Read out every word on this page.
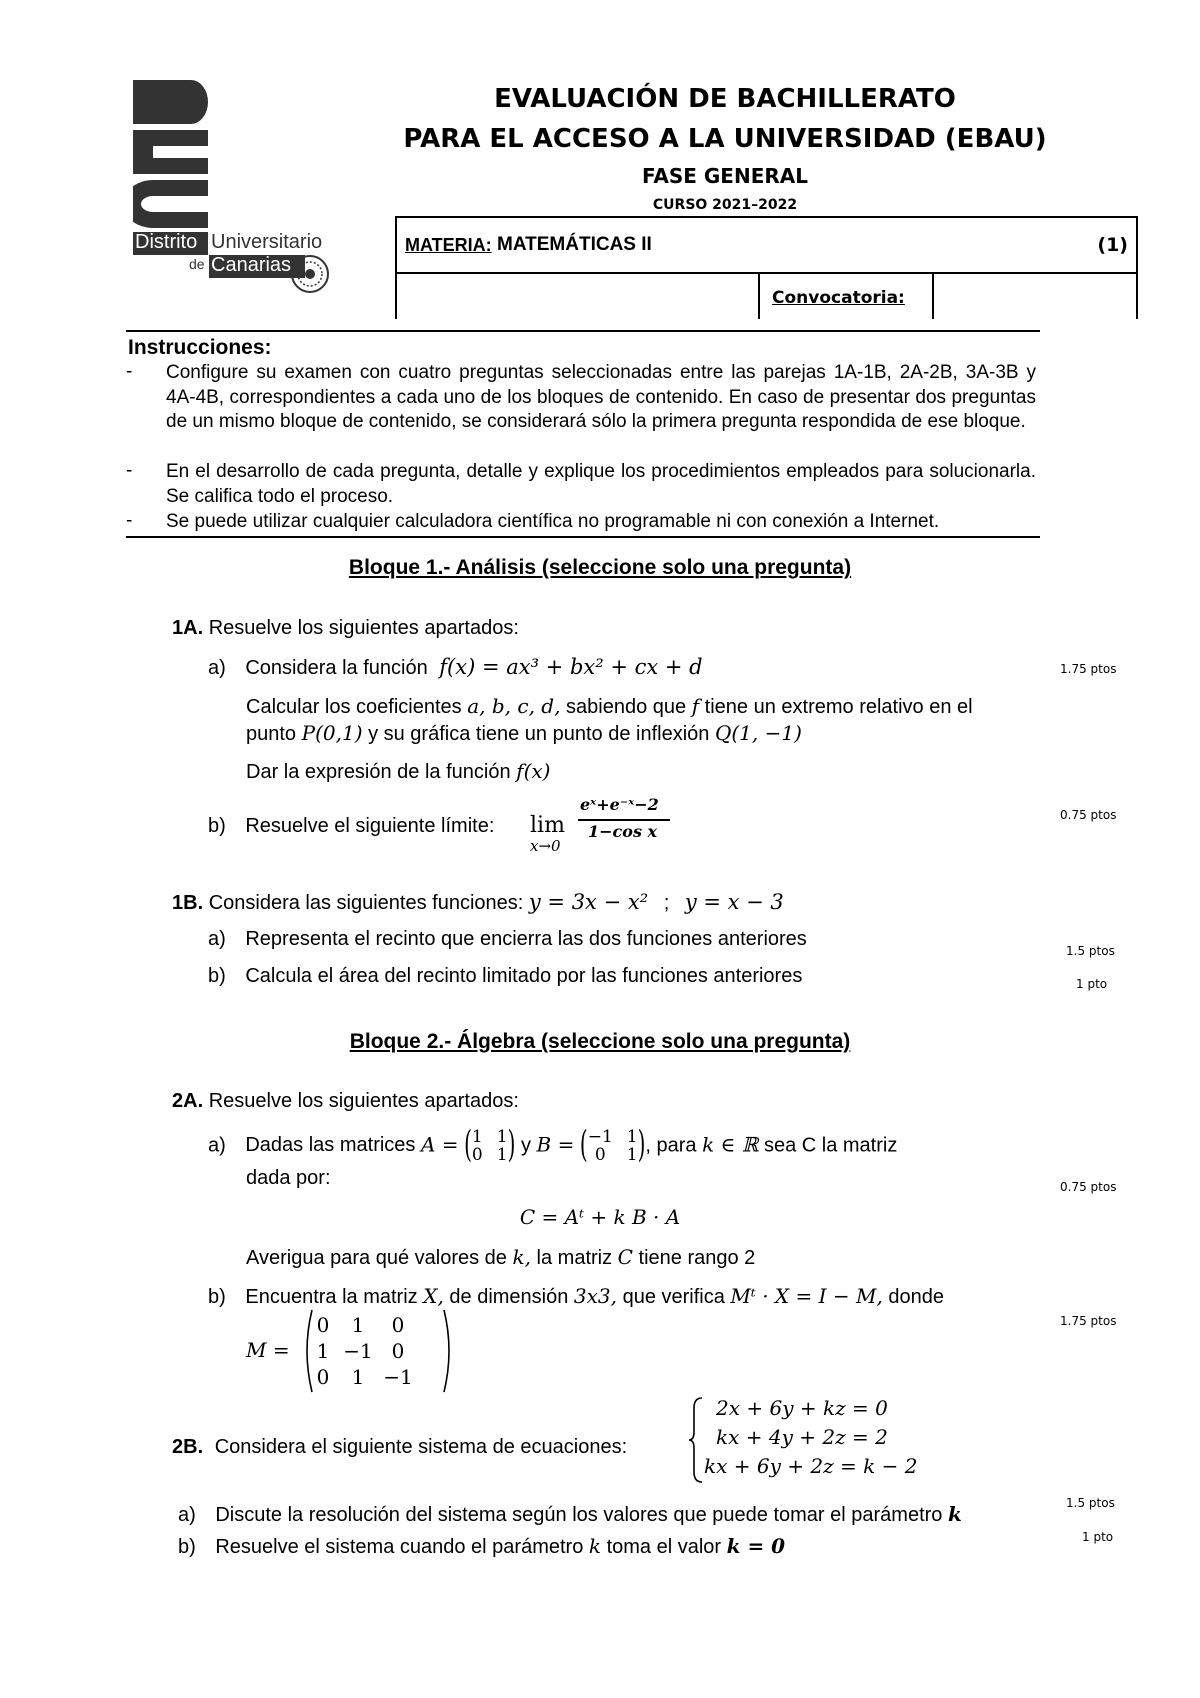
Distrito Universitario
de Canarias
EVALUACIÓN DE BACHILLERATO
PARA EL ACCESO A LA UNIVERSIDAD (EBAU)
FASE GENERAL
CURSO 2021–2022
MATERIA: MATEMÁTICAS II	(1)
Convocatoria:
Instrucciones:
- Configure su examen con cuatro preguntas seleccionadas entre las parejas 1A-1B, 2A-2B, 3A-3B y 4A-4B, correspondientes a cada uno de los bloques de contenido. En caso de presentar dos preguntas de un mismo bloque de contenido, se considerará sólo la primera pregunta respondida de ese bloque.
- En el desarrollo de cada pregunta, detalle y explique los procedimientos empleados para solucionarla. Se califica todo el proceso.
- Se puede utilizar cualquier calculadora científica no programable ni con conexión a Internet.
Bloque 1.- Análisis (seleccione solo una pregunta)
1A. Resuelve los siguientes apartados:
a) Considera la función f(x) = ax³ + bx² + cx + d	1.75 ptos
Calcular los coeficientes a, b, c, d, sabiendo que f tiene un extremo relativo en el
punto P(0,1) y su gráfica tiene un punto de inflexión Q(1, −1)
Dar la expresión de la función f(x)
b) Resuelve el siguiente límite: lim
x→0
eˣ+e⁻ˣ−2
1−cos x
0.75 ptos
1B. Considera las siguientes funciones: y = 3x − x² ; y = x − 3
a) Representa el recinto que encierra las dos funciones anteriores
1.5 ptos
b) Calcula el área del recinto limitado por las funciones anteriores	1 pto
Bloque 2.- Álgebra (seleccione solo una pregunta)
2A. Resuelve los siguientes apartados:
a) Dadas las matrices A = ( 1 1
0 1 ) y B = ( −1 1
0	1 ), para k ∈ ℝ sea C la matriz
dada por:	0.75 ptos
C = Aᵗ + k B · A
Averigua para qué valores de k, la matriz C tiene rango 2
b) Encuentra la matriz X, de dimensión 3x3, que verifica Mᵗ · X = I − M, donde
1.75 ptos
M =
0	1	0
1 −1 0
0	1 −1
2B. Considera el siguiente sistema de ecuaciones:
2x + 6y + kz = 0
kx + 4y + 2z = 2
kx + 6y + 2z = k − 2
a) Discute la resolución del sistema según los valores que puede tomar el parámetro k	1.5 ptos
b) Resuelve el sistema cuando el parámetro k toma el valor k = 0	1 pto
